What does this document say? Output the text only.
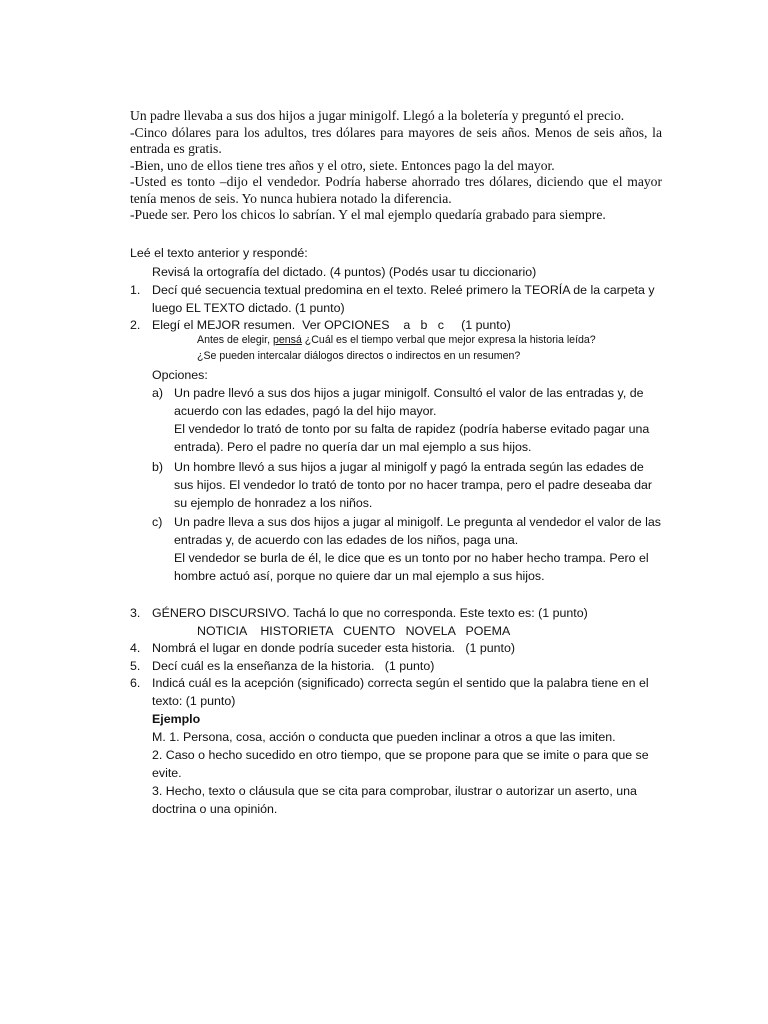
Un padre llevaba a sus dos hijos a jugar minigolf. Llegó a la boletería y preguntó el precio.

-Cinco dólares para los adultos, tres dólares para mayores de seis años. Menos de seis años, la entrada es gratis.

-Bien, uno de ellos tiene tres años y el otro, siete. Entonces pago la del mayor.

-Usted es tonto –dijo el vendedor. Podría haberse ahorrado tres dólares, diciendo que el mayor tenía menos de seis. Yo nunca hubiera notado la diferencia.

-Puede ser. Pero los chicos lo sabrían. Y el mal ejemplo quedaría grabado para siempre.

Leé el texto anterior y respondé:
Revisá la ortografía del dictado. (4 puntos) (Podés usar tu diccionario)
1. Decí qué secuencia textual predomina en el texto. Releé primero la TEORÍA de la carpeta y luego EL TEXTO dictado. (1 punto)
2. Elegí el MEJOR resumen.  Ver OPCIONES    a   b   c     (1 punto)
Antes de elegir, pensá ¿Cuál es el tiempo verbal que mejor expresa la historia leída?
¿Se pueden intercalar diálogos directos o indirectos en un resumen?
Opciones:
a) Un padre llevó a sus dos hijos a jugar minigolf. Consultó el valor de las entradas y, de acuerdo con las edades, pagó la del hijo mayor.
El vendedor lo trató de tonto por su falta de rapidez (podría haberse evitado pagar una entrada). Pero el padre no quería dar un mal ejemplo a sus hijos.
b) Un hombre llevó a sus hijos a jugar al minigolf y pagó la entrada según las edades de sus hijos. El vendedor lo trató de tonto por no hacer trampa, pero el padre deseaba dar su ejemplo de honradez a los niños.
c) Un padre lleva a sus dos hijos a jugar al minigolf. Le pregunta al vendedor el valor de las entradas y, de acuerdo con las edades de los niños, paga una.
El vendedor se burla de él, le dice que es un tonto por no haber hecho trampa. Pero el hombre actuó así, porque no quiere dar un mal ejemplo a sus hijos.
3. GÉNERO DISCURSIVO. Tachá lo que no corresponda. Este texto es: (1 punto)
NOTICIA    HISTORIETA   CUENTO   NOVELA   POEMA
4. Nombrá el lugar en donde podría suceder esta historia.   (1 punto)
5. Decí cuál es la enseñanza de la historia.   (1 punto)
6. Indicá cuál es la acepción (significado) correcta según el sentido que la palabra tiene en el texto: (1 punto)
Ejemplo
M. 1. Persona, cosa, acción o conducta que pueden inclinar a otros a que las imiten.
2. Caso o hecho sucedido en otro tiempo, que se propone para que se imite o para que se evite.
3. Hecho, texto o cláusula que se cita para comprobar, ilustrar o autorizar un aserto, una doctrina o una opinión.
